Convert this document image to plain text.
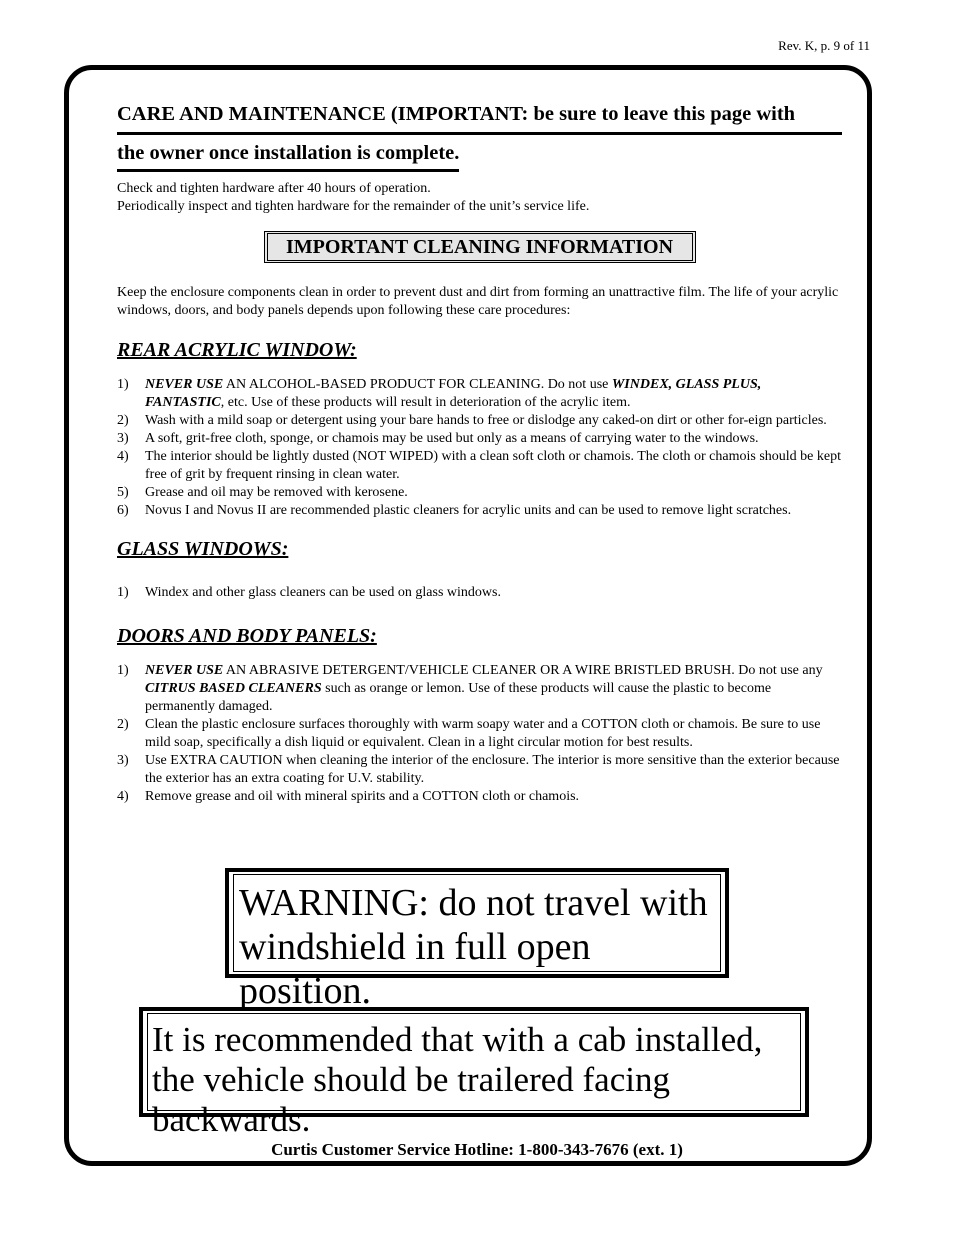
Rev. K, p. 9 of 11
CARE AND MAINTENANCE (IMPORTANT: be sure to leave this page with
the owner once installation is complete.

Check and tighten hardware after 40 hours of operation.

Periodically inspect and tighten hardware for the remainder of the unit’s service life.

IMPORTANT CLEANING INFORMATION

Keep the enclosure components clean in order to prevent dust and dirt from forming an unattractive film. The life of your acrylic windows, doors, and body panels depends upon following these care procedures:

REAR ACRYLIC WINDOW:
1)	NEVER USE AN ALCOHOL-BASED PRODUCT FOR CLEANING. Do not use WINDEX, GLASS PLUS, FANTASTIC, etc. Use of these products will result in deterioration of the acrylic item.
2)	Wash with a mild soap or detergent using your bare hands to free or dislodge any caked-on dirt or other for-eign particles.
3)	A soft, grit-free cloth, sponge, or chamois may be used but only as a means of carrying water to the windows.
4)	The interior should be lightly dusted (NOT WIPED) with a clean soft cloth or chamois. The cloth or chamois should be kept free of grit by frequent rinsing in clean water.
5)	Grease and oil may be removed with kerosene.
6)	Novus I and Novus II are recommended plastic cleaners for acrylic units and can be used to remove light scratches.
GLASS WINDOWS:
1)	Windex and other glass cleaners can be used on glass windows.
DOORS AND BODY PANELS:
1)	NEVER USE AN ABRASIVE DETERGENT/VEHICLE CLEANER OR A WIRE BRISTLED BRUSH. Do not use any CITRUS BASED CLEANERS such as orange or lemon. Use of these products will cause the plastic to become permanently damaged.
2)	Clean the plastic enclosure surfaces thoroughly with warm soapy water and a COTTON cloth or chamois. Be sure to use mild soap, specifically a dish liquid or equivalent. Clean in a light circular motion for best results.
3)	Use EXTRA CAUTION when cleaning the interior of the enclosure. The interior is more sensitive than the exterior because the exterior has an extra coating for U.V. stability.
4)	Remove grease and oil with mineral spirits and a COTTON cloth or chamois.
WARNING: do not travel with windshield in full open position.
It is recommended that with a cab installed, the vehicle should be trailered facing backwards.
Curtis Customer Service Hotline: 1-800-343-7676 (ext. 1)
